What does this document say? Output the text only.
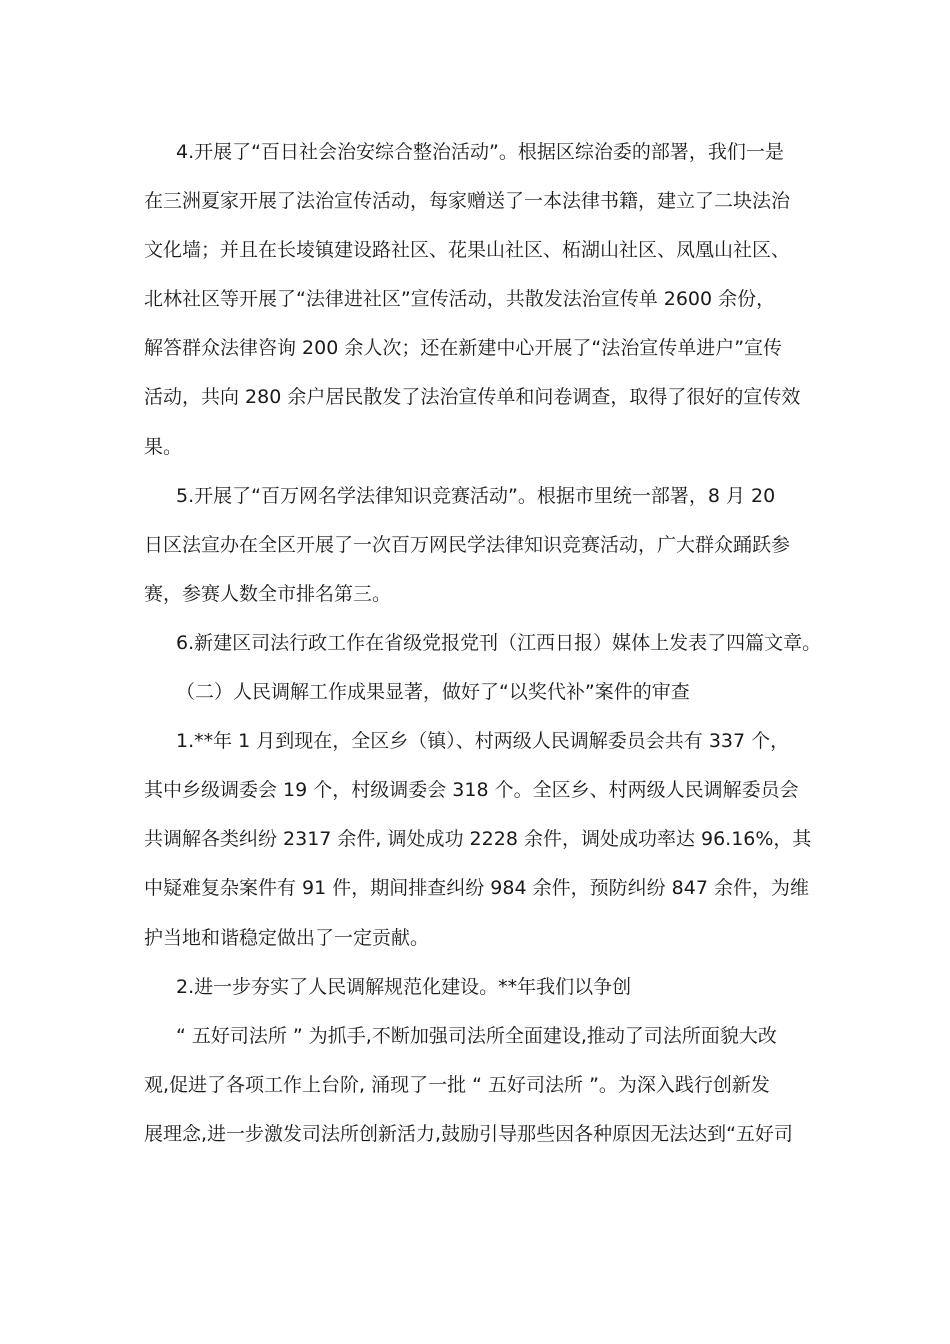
4.开展了“百日社会治安综合整治活动”。根据区综治委的部署，我们一是
在三洲夏家开展了法治宣传活动，每家赠送了一本法律书籍，建立了二块法治
文化墙；并且在长堎镇建设路社区、花果山社区、柘湖山社区、凤凰山社区、
北林社区等开展了“法律进社区”宣传活动，共散发法治宣传单 2600 余份，
解答群众法律咨询 200 余人次；还在新建中心开展了“法治宣传单进户”宣传
活动，共向 280 余户居民散发了法治宣传单和问卷调查，取得了很好的宣传效
果。
5.开展了“百万网名学法律知识竞赛活动”。根据市里统一部署，8 月 20
日区法宣办在全区开展了一次百万网民学法律知识竞赛活动，广大群众踊跃参
赛，参赛人数全市排名第三。
6.新建区司法行政工作在省级党报党刊（江西日报）媒体上发表了四篇文章。
（二）人民调解工作成果显著，做好了“以奖代补”案件的审查
1.**年 1 月到现在，全区乡（镇）、村两级人民调解委员会共有 337 个，
其中乡级调委会 19 个，村级调委会 318 个。全区乡、村两级人民调解委员会
共调解各类纠纷 2317 余件, 调处成功 2228 余件，调处成功率达 96.16%，其
中疑难复杂案件有 91 件，期间排查纠纷 984 余件，预防纠纷 847 余件，为维
护当地和谐稳定做出了一定贡献。
2.进一步夯实了人民调解规范化建设。**年我们以争创
“ 五好司法所 ” 为抓手,不断加强司法所全面建设,推动了司法所面貌大改
观,促进了各项工作上台阶, 涌现了一批 “ 五好司法所 ”。为深入践行创新发
展理念,进一步激发司法所创新活力,鼓励引导那些因各种原因无法达到“五好司
